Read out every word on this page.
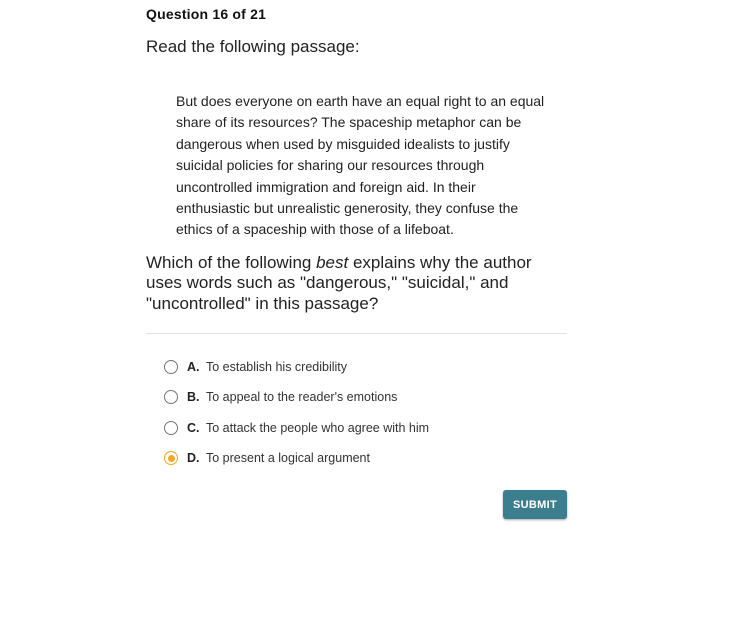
Question 16 of 21
Read the following passage:
But does everyone on earth have an equal right to an equal share of its resources? The spaceship metaphor can be dangerous when used by misguided idealists to justify suicidal policies for sharing our resources through uncontrolled immigration and foreign aid. In their enthusiastic but unrealistic generosity, they confuse the ethics of a spaceship with those of a lifeboat.
Which of the following best explains why the author uses words such as "dangerous," "suicidal," and "uncontrolled" in this passage?
A. To establish his credibility
B. To appeal to the reader's emotions
C. To attack the people who agree with him
D. To present a logical argument
SUBMIT
